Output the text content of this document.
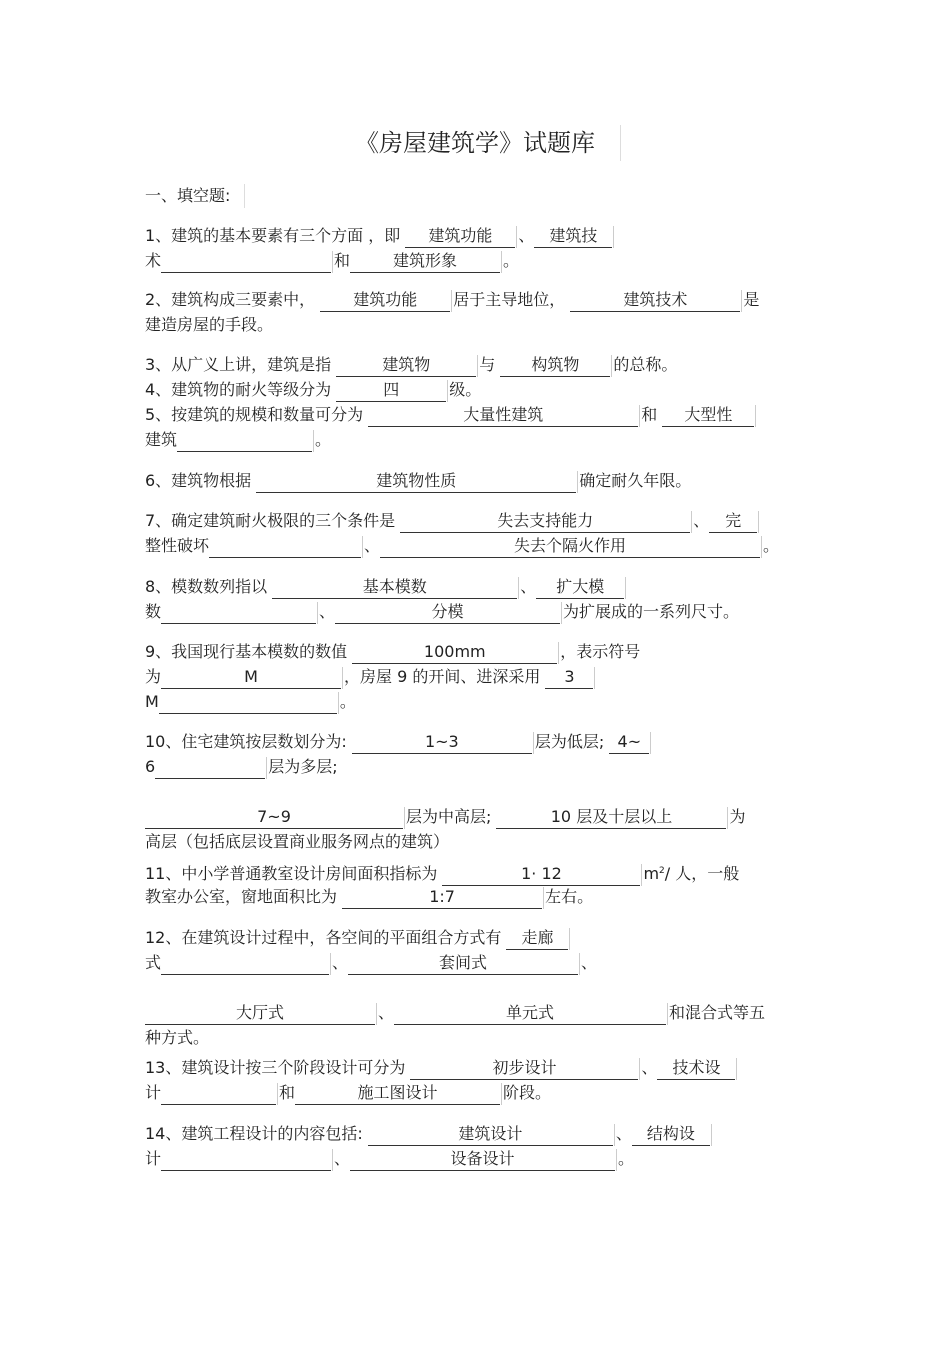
《房屋建筑学》试题库
一、填空题:
1、建筑的基本要素有三个方面 ，即 建筑功能 、 建筑技
术	和	建筑形象	。
2、建筑构成三要素中， 建筑功能 居于主导地位，	建筑技术	是
建造房屋的手段。
3、从广义上讲，建筑是指	建筑物	与 构筑物 的总称。
4、建筑物的耐火等级分为	四	级。
5、按建筑的规模和数量可分为	大量性建筑	和 大型性
建筑	。
6、建筑物根据	建筑物性质	确定耐久年限。
7、确定建筑耐火极限的三个条件是	失去支持能力	、 完
整性破坏	、	失去个隔火作用	。
8、模数数列指以	基本模数	、 扩大模
数	、	分模	为扩展成的一系列尺寸。
9、我国现行基本模数的数值	100mm	，表示符号
为	M	，房屋 9 的开间、进深采用 3
M	。
10、住宅建筑按层数划分为:	1~3	层为低层; 4~
6	层为多层;
7~9	层为中高层;	10 层及十层以上	为
高层（包括底层设置商业服务网点的建筑）
11、中小学普通教室设计房间面积指标为	1· 12	$m^2/$ 人，一般
教室办公室，窗地面积比为	1:7	左右。
12、在建筑设计过程中，各空间的平面组合方式有 走廊
式	、	套间式	、
大厅式	、	单元式	和混合式等五
种方式。
13、建筑设计按三个阶段设计可分为	初步设计	、 技术设
计	和	施工图设计	阶段。
14、建筑工程设计的内容包括:	建筑设计	、 结构设
计	、	设备设计	。
